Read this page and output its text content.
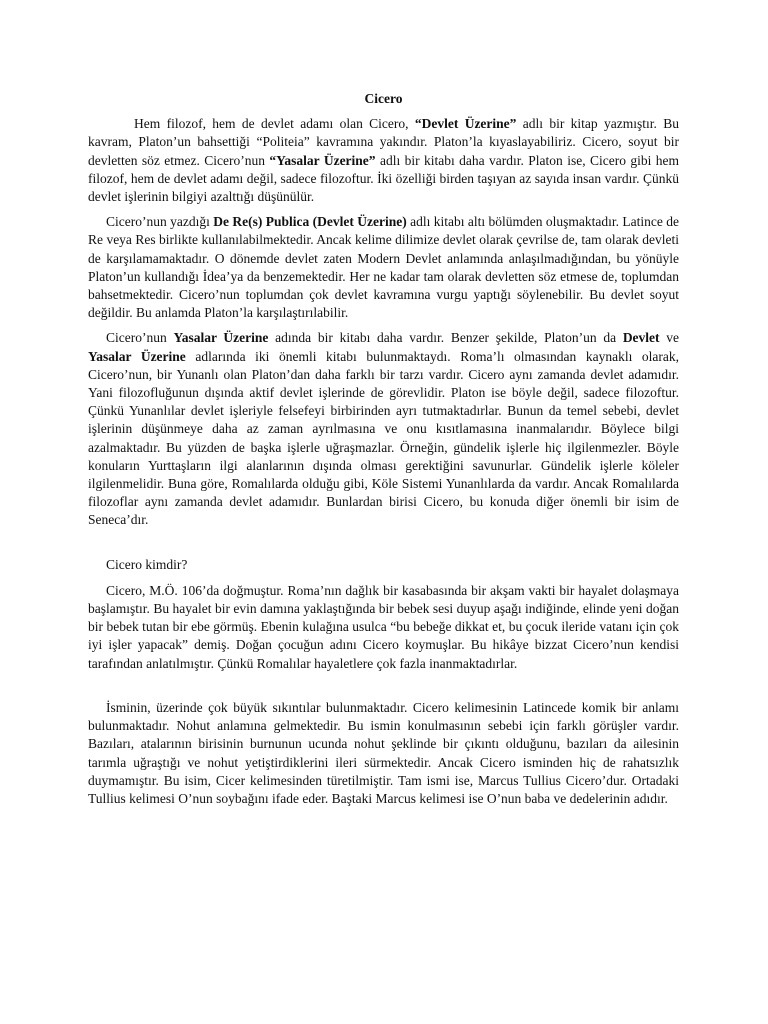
Cicero

Hem filozof, hem de devlet adamı olan Cicero, “Devlet Üzerine” adlı bir kitap yazmıştır. Bu kavram, Platon’un bahsettiği “Politeia” kavramına yakındır. Platon’la kıyaslayabiliriz. Cicero, soyut bir devletten söz etmez. Cicero’nun “Yasalar Üzerine” adlı bir kitabı daha vardır. Platon ise, Cicero gibi hem filozof, hem de devlet adamı değil, sadece filozoftur. İki özelliği birden taşıyan az sayıda insan vardır. Çünkü devlet işlerinin bilgiyi azalttığı düşünülür.

Cicero’nun yazdığı De Re(s) Publica (Devlet Üzerine) adlı kitabı altı bölümden oluşmaktadır. Latince de Re veya Res birlikte kullanılabilmektedir. Ancak kelime dilimize devlet olarak çevrilse de, tam olarak devleti de karşılamamaktadır. O dönemde devlet zaten Modern Devlet anlamında anlaşılmadığından, bu yönüyle Platon’un kullandığı İdea’ya da benzemektedir. Her ne kadar tam olarak devletten söz etmese de, toplumdan bahsetmektedir. Cicero’nun toplumdan çok devlet kavramına vurgu yaptığı söylenebilir. Bu devlet soyut değildir. Bu anlamda Platon’la karşılaştırılabilir.

Cicero’nun Yasalar Üzerine adında bir kitabı daha vardır. Benzer şekilde, Platon’un da Devlet ve Yasalar Üzerine adlarında iki önemli kitabı bulunmaktaydı. Roma’lı olmasından kaynaklı olarak, Cicero’nun, bir Yunanlı olan Platon’dan daha farklı bir tarzı vardır. Cicero aynı zamanda devlet adamıdır. Yani filozofluğunun dışında aktif devlet işlerinde de görevlidir. Platon ise böyle değil, sadece filozoftur. Çünkü Yunanlılar devlet işleriyle felsefeyi birbirinden ayrı tutmaktadırlar. Bunun da temel sebebi, devlet işlerinin düşünmeye daha az zaman ayrılmasına ve onu kısıtlamasına inanmalarıdır. Böylece bilgi azalmaktadır. Bu yüzden de başka işlerle uğraşmazlar. Örneğin, gündelik işlerle hiç ilgilenmezler. Böyle konuların Yurttaşların ilgi alanlarının dışında olması gerektiğini savunurlar. Gündelik işlerle köleler ilgilenmelidir. Buna göre, Romalılarda olduğu gibi, Köle Sistemi Yunanlılarda da vardır. Ancak Romalılarda filozoflar aynı zamanda devlet adamıdır. Bunlardan birisi Cicero, bu konuda diğer önemli bir isim de Seneca’dır.

Cicero kimdir?

Cicero, M.Ö. 106’da doğmuştur. Roma’nın dağlık bir kasabasında bir akşam vakti bir hayalet dolaşmaya başlamıştır. Bu hayalet bir evin damına yaklaştığında bir bebek sesi duyup aşağı indiğinde, elinde yeni doğan bir bebek tutan bir ebe görmüş. Ebenin kulağına usulca “bu bebeğe dikkat et, bu çocuk ileride vatanı için çok iyi işler yapacak” demiş. Doğan çocuğun adını Cicero koymuşlar. Bu hikâye bizzat Cicero’nun kendisi tarafından anlatılmıştır. Çünkü Romalılar hayaletlere çok fazla inanmaktadırlar.

İsminin, üzerinde çok büyük sıkıntılar bulunmaktadır. Cicero kelimesinin Latincede komik bir anlamı bulunmaktadır. Nohut anlamına gelmektedir. Bu ismin konulmasının sebebi için farklı görüşler vardır. Bazıları, atalarının birisinin burnunun ucunda nohut şeklinde bir çıkıntı olduğunu, bazıları da ailesinin tarımla uğraştığı ve nohut yetiştirdiklerini ileri sürmektedir. Ancak Cicero isminden hiç de rahatsızlık duymamıştır. Bu isim, Cicer kelimesinden türetilmiştir. Tam ismi ise, Marcus Tullius Cicero’dur. Ortadaki Tullius kelimesi O’nun soybağını ifade eder. Baştaki Marcus kelimesi ise O’nun baba ve dedelerinin adıdır.
